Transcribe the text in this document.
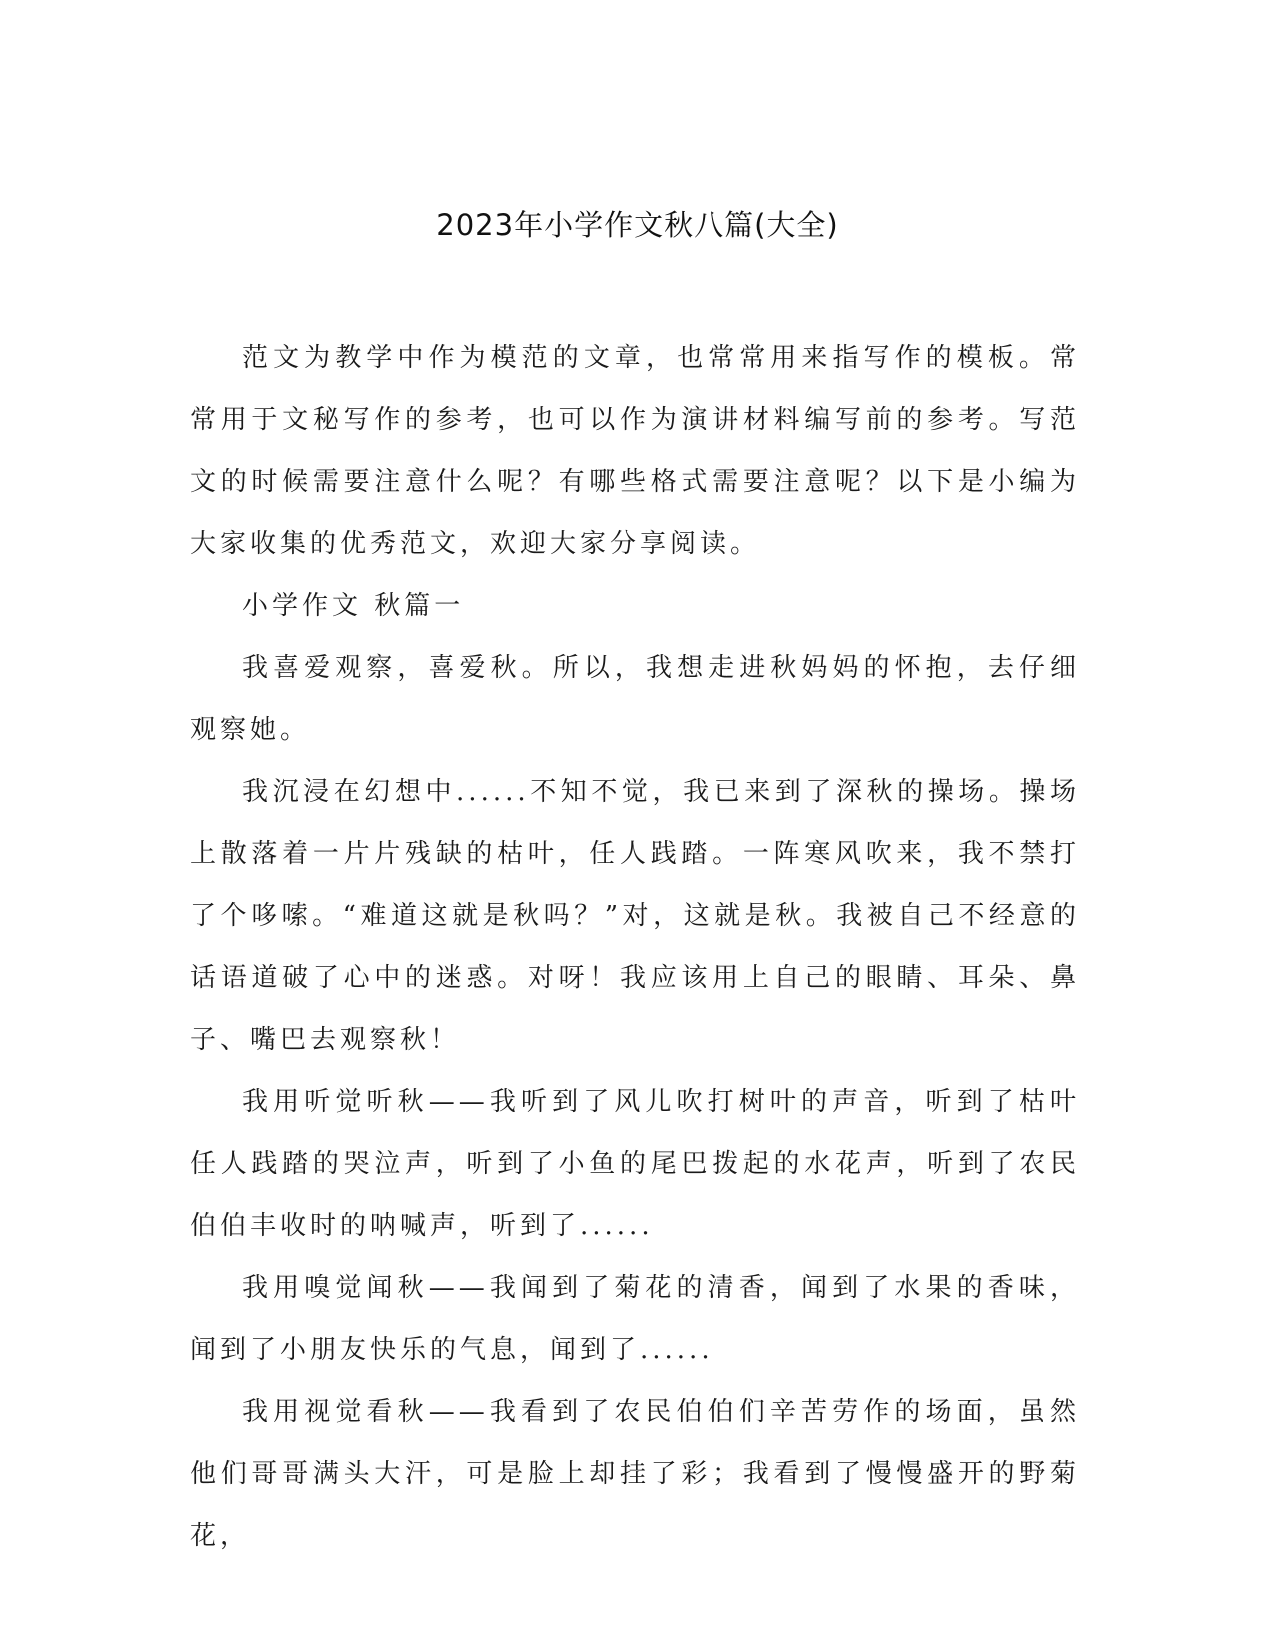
2023年小学作文秋八篇(大全)

范文为教学中作为模范的文章，也常常用来指写作的模板。常常用于文秘写作的参考，也可以作为演讲材料编写前的参考。写范文的时候需要注意什么呢？有哪些格式需要注意呢？以下是小编为大家收集的优秀范文，欢迎大家分享阅读。

小学作文 秋篇一

我喜爱观察，喜爱秋。所以，我想走进秋妈妈的怀抱，去仔细观察她。

我沉浸在幻想中......不知不觉，我已来到了深秋的操场。操场上散落着一片片残缺的枯叶，任人践踏。一阵寒风吹来，我不禁打了个哆嗦。“难道这就是秋吗？”对，这就是秋。我被自己不经意的话语道破了心中的迷惑。对呀！我应该用上自己的眼睛、耳朵、鼻子、嘴巴去观察秋！

我用听觉听秋——我听到了风儿吹打树叶的声音，听到了枯叶任人践踏的哭泣声，听到了小鱼的尾巴拨起的水花声，听到了农民伯伯丰收时的呐喊声，听到了......

我用嗅觉闻秋——我闻到了菊花的清香，闻到了水果的香味，闻到了小朋友快乐的气息，闻到了......

我用视觉看秋——我看到了农民伯伯们辛苦劳作的场面，虽然他们哥哥满头大汗，可是脸上却挂了彩；我看到了慢慢盛开的野菊花，
